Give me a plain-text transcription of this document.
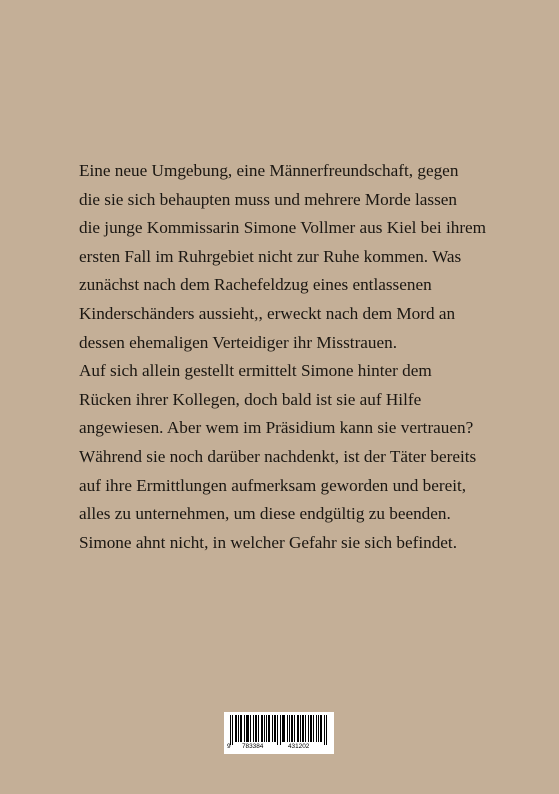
Eine neue Umgebung, eine Männerfreundschaft, gegen
die sie sich behaupten muss und mehrere Morde lassen
die junge Kommissarin Simone Vollmer aus Kiel bei ihrem
ersten Fall im Ruhrgebiet nicht zur Ruhe kommen. Was
zunächst nach dem Rachefeldzug eines entlassenen
Kinderschänders aussieht,, erweckt nach dem Mord an
dessen ehemaligen Verteidiger ihr Misstrauen.
Auf sich allein gestellt ermittelt Simone hinter dem
Rücken ihrer Kollegen, doch bald ist sie auf Hilfe
angewiesen. Aber wem im Präsidium kann sie vertrauen?
Während sie noch darüber nachdenkt, ist der Täter bereits
auf ihre Ermittlungen aufmerksam geworden und bereit,
alles zu unternehmen, um diese endgültig zu beenden.
Simone ahnt nicht, in welcher Gefahr sie sich befindet.
9 783384	431202
